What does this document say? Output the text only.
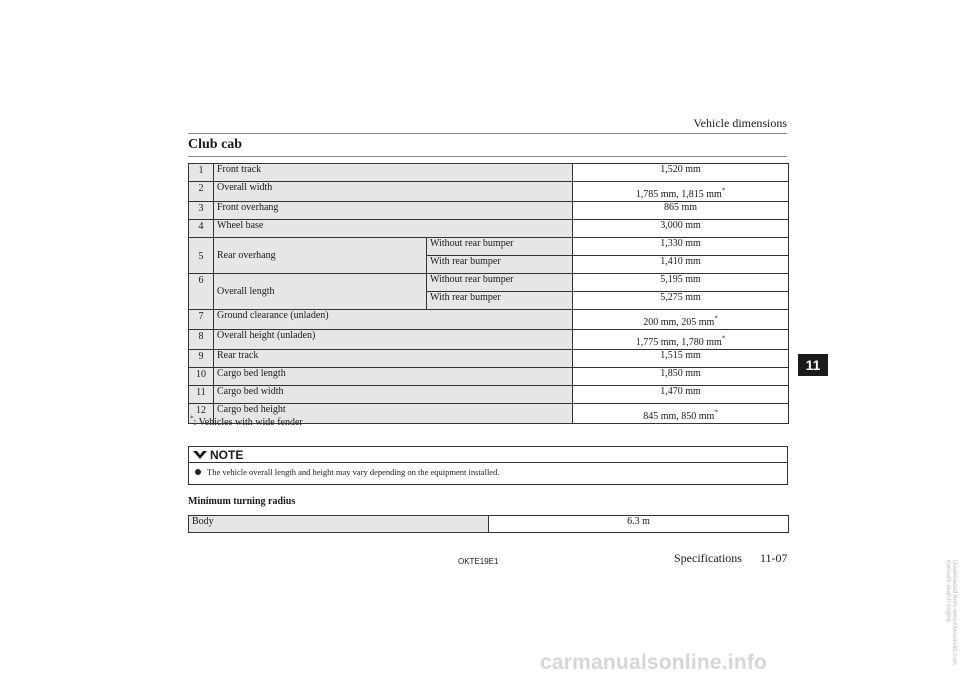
Vehicle dimensions
Club cab
1	Front track		1,520 mm
2	Overall width		1,785 mm, 1,815 mm*
3	Front overhang		865 mm
4	Wheel base		3,000 mm
5	Rear overhang	Without rear bumper	1,330 mm
		With rear bumper	1,410 mm
6	Overall length	Without rear bumper	5,195 mm
		With rear bumper	5,275 mm
7	Ground clearance (unladen)		200 mm, 205 mm*
8	Overall height (unladen)		1,775 mm, 1,780 mm*
9	Rear track		1,515 mm
10	Cargo bed length		1,850 mm
11	Cargo bed width		1,470 mm
12	Cargo bed height		845 mm, 850 mm*
*: Vehicles with wide fender
NOTE
The vehicle overall length and height may vary depending on the equipment installed.
Minimum turning radius
Body	6.3 m
OKTE19E1	Specifications 11-07
11
carmanualsonline.info	Downloaded from www.Manualslib.com manuals search engine
